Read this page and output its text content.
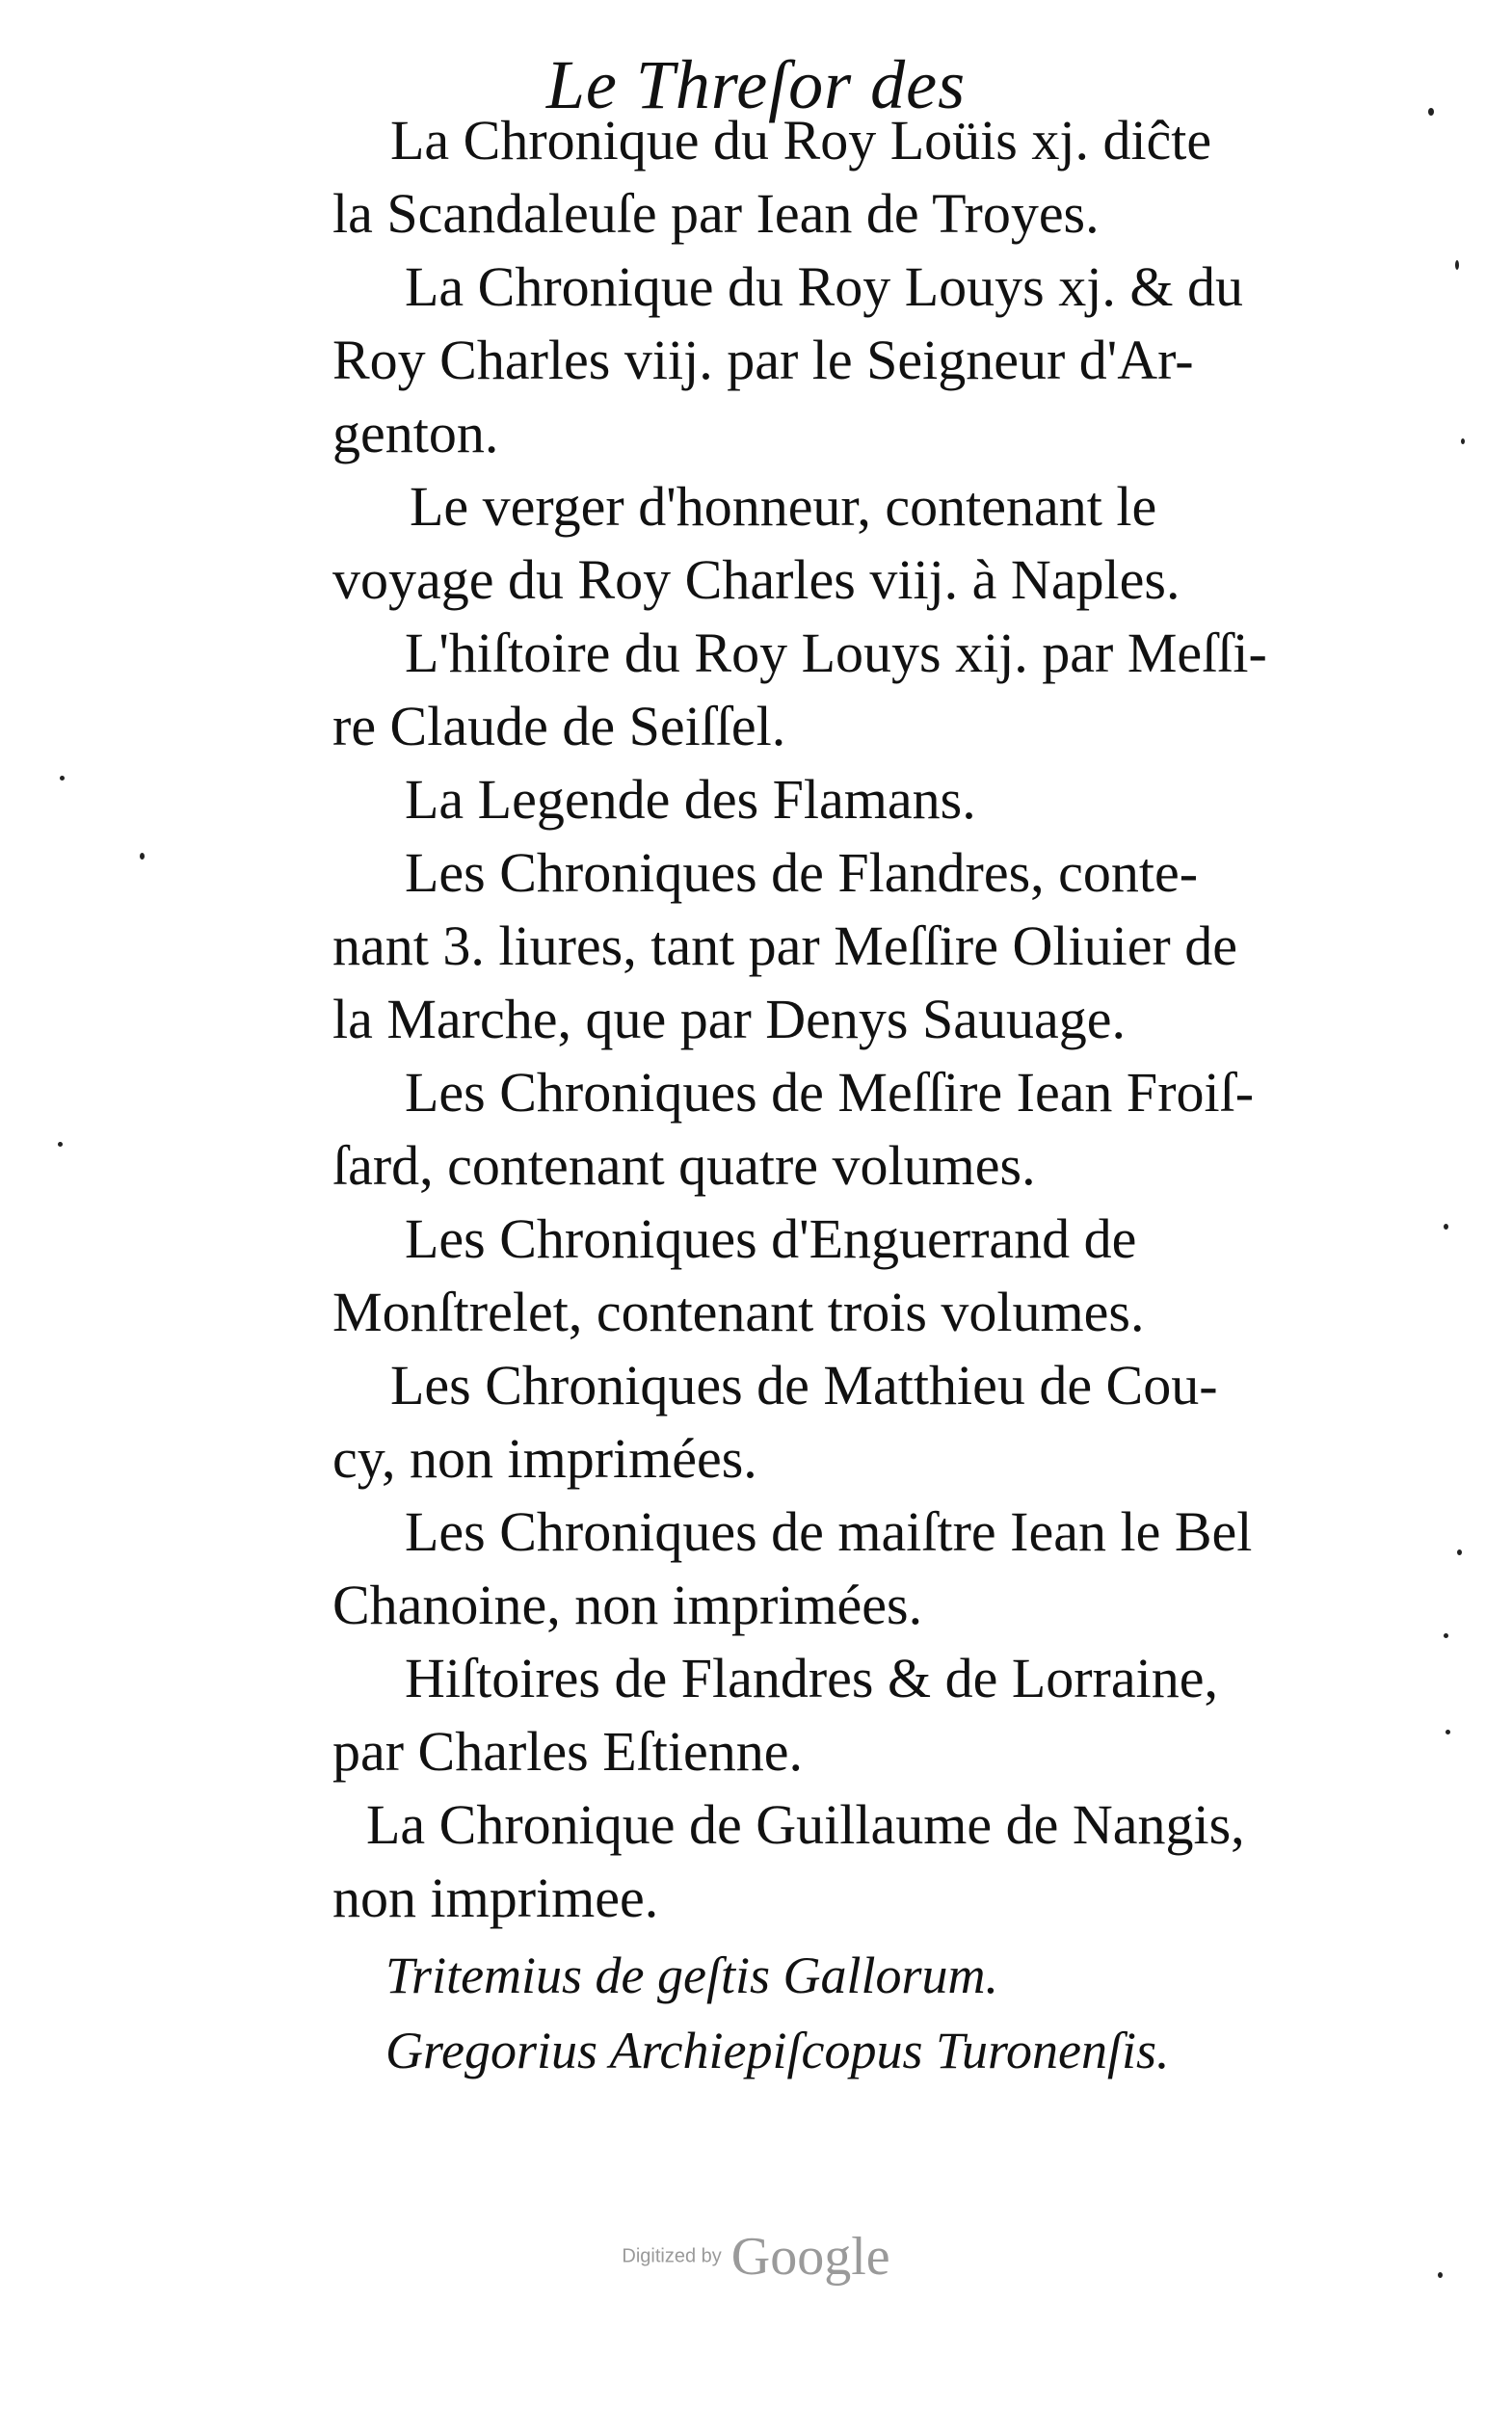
Le Threſor des
La Chronique du Roy Loüis xj. diĉte
la Scandaleuſe par Iean de Troyes.
La Chronique du Roy Louys xj. & du
Roy Charles viij. par le Seigneur d'Ar-
genton.
Le verger d'honneur, contenant le
voyage du Roy Charles viij. à Naples.
L'hiſtoire du Roy Louys xij. par Meſſi-
re Claude de Seiſſel.
La Legende des Flamans.
Les Chroniques de Flandres, conte-
nant 3. liures, tant par Meſſire Oliuier de
la Marche, que par Denys Sauuage.
Les Chroniques de Meſſire Iean Froiſ-
ſard, contenant quatre volumes.
Les Chroniques d'Enguerrand de
Monſtrelet, contenant trois volumes.
Les Chroniques de Matthieu de Cou-
cy, non imprimées.
Les Chroniques de maiſtre Iean le Bel
Chanoine, non imprimées.
Hiſtoires de Flandres & de Lorraine,
par Charles Eſtienne.
La Chronique de Guillaume de Nangis,
non imprimee.
Tritemius de geſtis Gallorum.
Gregorius Archiepiſcopus Turonenſis.
Digitized by Google
